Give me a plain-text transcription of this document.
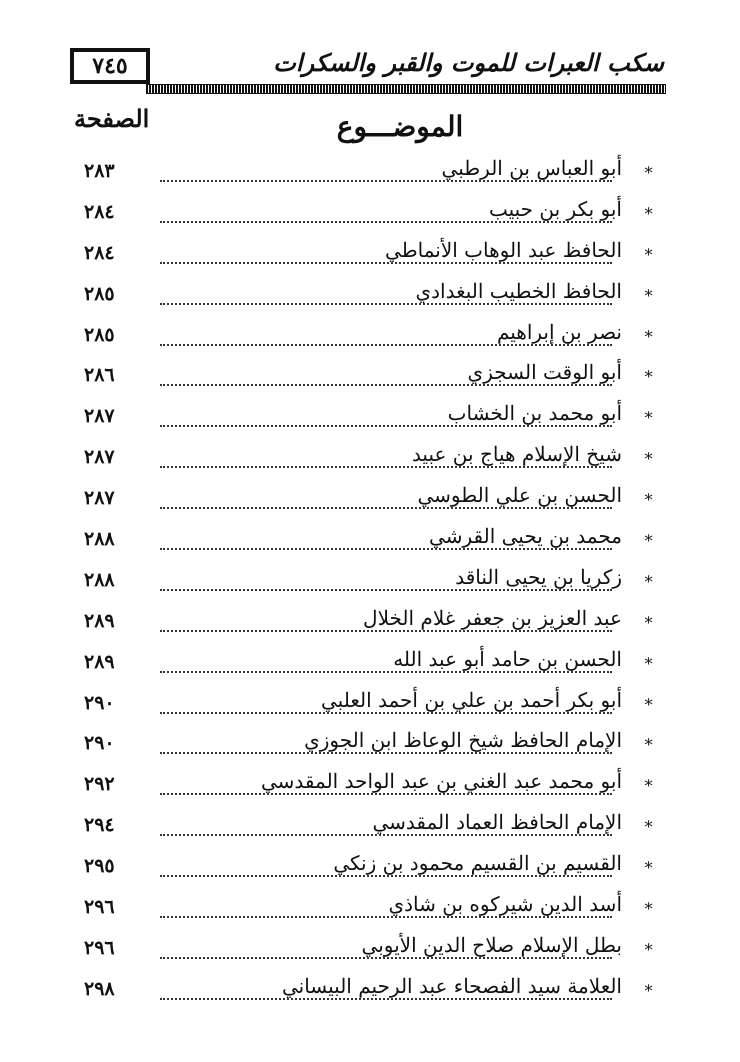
٧٤٥	سكب العبرات للموت والقبر والسكرات
الموضـــوع
الصفحة
٢٨٣	أبو العباس بن الرطبي ∗
٢٨٤	أبو بكر بن حبيب ∗
٢٨٤	الحافظ عبد الوهاب الأنماطي ∗
٢٨٥	الحافظ الخطيب البغدادي ∗
٢٨٥	نصر بن إبراهيم ∗
٢٨٦	أبو الوقت السجزي ∗
٢٨٧	أبو محمد بن الخشاب ∗
٢٨٧	شيخ الإسلام هياج بن عبيد ∗
٢٨٧	الحسن بن علي الطوسي ∗
٢٨٨	محمد بن يحيى القرشي ∗
٢٨٨	زكريا بن يحيى الناقد ∗
٢٨٩	عبد العزيز بن جعفر غلام الخلال ∗
٢٨٩	الحسن بن حامد أبو عبد الله ∗
٢٩٠	أبو بكر أحمد بن علي بن أحمد العلبي ∗
٢٩٠	الإمام الحافظ شيخ الوعاظ ابن الجوزي ∗
٢٩٢	أبو محمد عبد الغني بن عبد الواحد المقدسي ∗
٢٩٤	الإمام الحافظ العماد المقدسي ∗
٢٩٥	القسيم بن القسيم محمود بن زنكي ∗
٢٩٦	أسد الدين شيركوه بن شاذي ∗
٢٩٦	بطل الإسلام صلاح الدين الأيوبي ∗
٢٩٨	العلامة سيد الفصحاء عبد الرحيم البيساني ∗
